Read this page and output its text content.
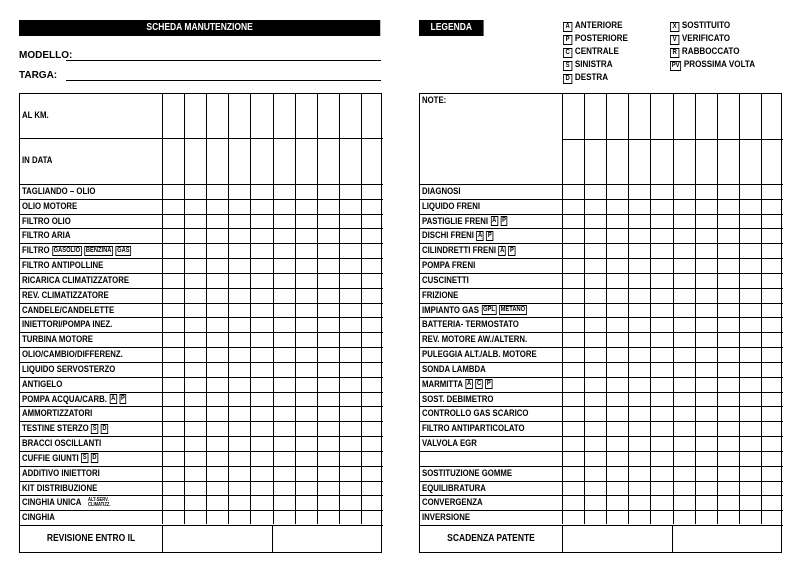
SCHEDA MANUTENZIONE
MODELLO:
TARGA:
AL KM.
IN DATA
TAGLIANDO – OLIO
OLIO MOTORE
FILTRO OLIO
FILTRO ARIA
FILTRO GASOLIO BENZINA GAS
FILTRO ANTIPOLLINE
RICARICA CLIMATIZZATORE
REV. CLIMATIZZATORE
CANDELE/CANDELETTE
INIETTORI/POMPA INEZ.
TURBINA MOTORE
OLIO/CAMBIO/DIFFERENZ.
LIQUIDO SERVOSTERZO
ANTIGELO
POMPA ACQUA/CARB. A P
AMMORTIZZATORI
TESTINE STERZO S D
BRACCI OSCILLANTI
CUFFIE GIUNTI S D
ADDITIVO INIETTORI
KIT DISTRIBUZIONE
CINGHIA UNICA ALT-SERV.
CLIMATIZZ.
CINGHIA
REVISIONE ENTRO IL
LEGENDA	A ANTERIORE
P POSTERIORE
C CENTRALE
S SINISTRA
D DESTRA
X SOSTITUITO
V VERIFICATO
R RABBOCCATO
PV PROSSIMA VOLTA
NOTE:
DIAGNOSI
LIQUIDO FRENI
PASTIGLIE FRENI A P
DISCHI FRENI A P
CILINDRETTI FRENI A P
POMPA FRENI
CUSCINETTI
FRIZIONE
IMPIANTO GAS GPL METANO
BATTERIA- TERMOSTATO
REV. MOTORE AW./ALTERN.
PULEGGIA ALT./ALB. MOTORE
SONDA LAMBDA
MARMITTA A C P
SOST. DEBIMETRO
CONTROLLO GAS SCARICO
FILTRO ANTIPARTICOLATO
VALVOLA EGR
SOSTITUZIONE GOMME
EQUILIBRATURA
CONVERGENZA
INVERSIONE
SCADENZA PATENTE
